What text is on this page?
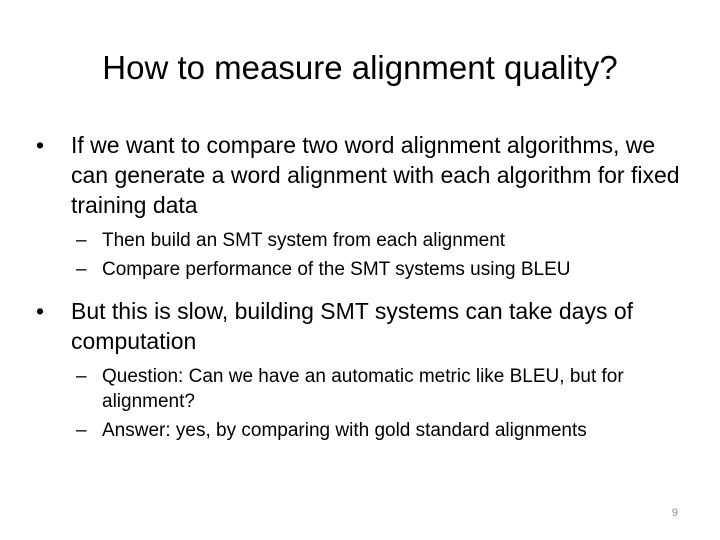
How to measure alignment quality?
•	If we want to compare two word alignment algorithms, we can generate a word alignment with each algorithm for fixed training data
– Then build an SMT system from each alignment
– Compare performance of the SMT systems using BLEU
•	But this is slow, building SMT systems can take days of computation
– Question: Can we have an automatic metric like BLEU, but for alignment?
– Answer: yes, by comparing with gold standard alignments
9
